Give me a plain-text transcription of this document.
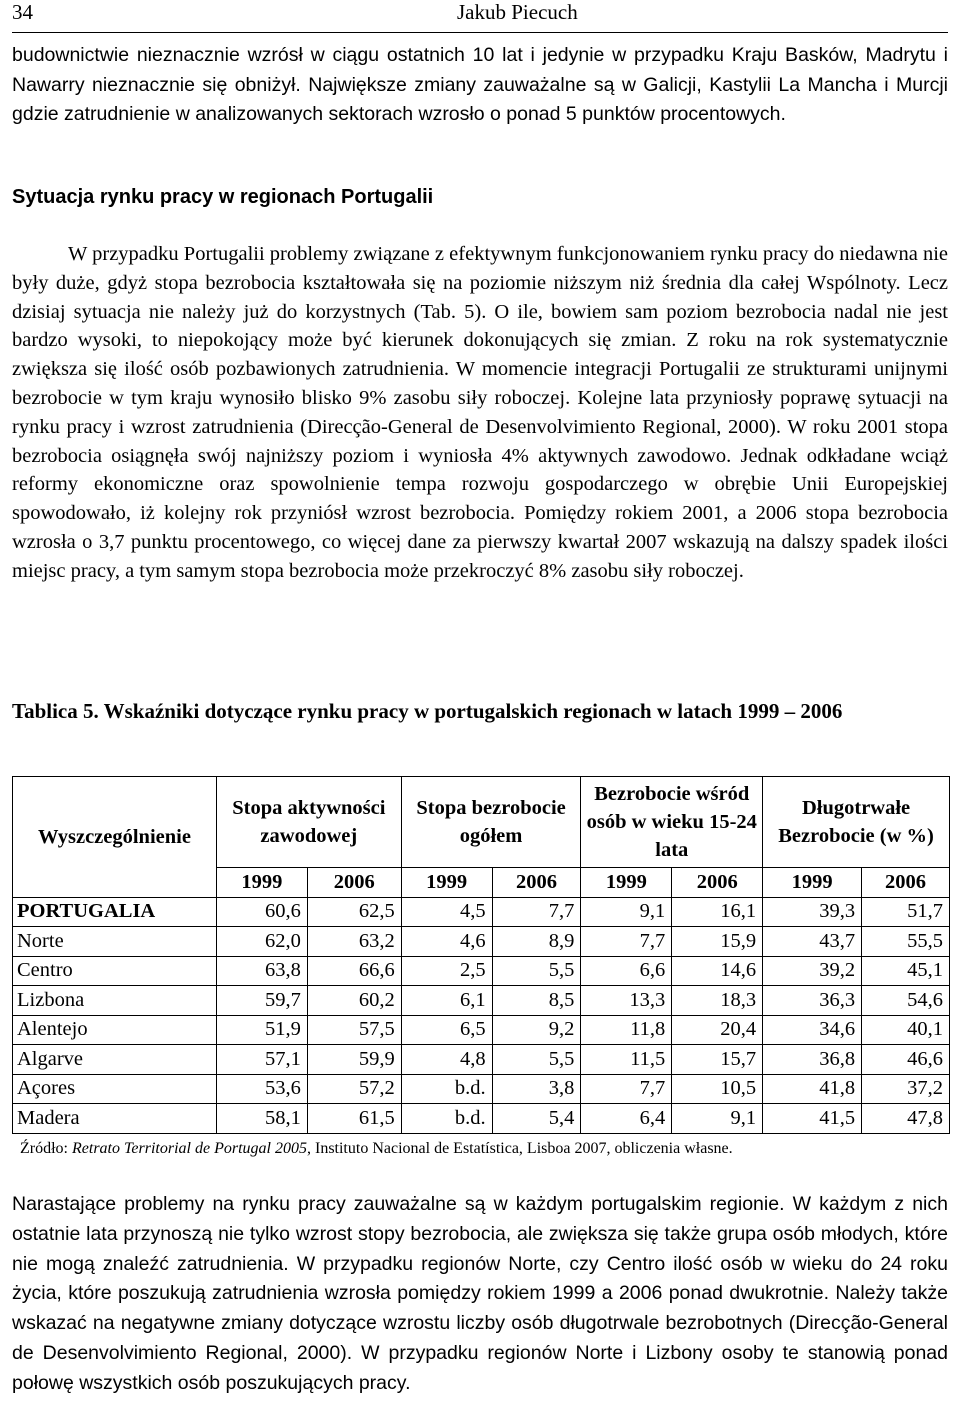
34	Jakub Piecuch

budownictwie nieznacznie wzrósł w ciągu ostatnich 10 lat i jedynie w przypadku Kraju Basków, Madrytu i Nawarry nieznacznie się obniżył. Największe zmiany zauważalne są w Galicji, Kastylii La Mancha i Murcji gdzie zatrudnienie w analizowanych sektorach wzrosło o ponad 5 punktów procentowych.

Sytuacja rynku pracy w regionach Portugalii

W przypadku Portugalii problemy związane z efektywnym funkcjonowaniem rynku pracy do niedawna nie były duże, gdyż stopa bezrobocia kształtowała się na poziomie niższym niż średnia dla całej Wspólnoty. Lecz dzisiaj sytuacja nie należy już do korzystnych (Tab. 5). O ile, bowiem sam poziom bezrobocia nadal nie jest bardzo wysoki, to niepokojący może być kierunek dokonujących się zmian. Z roku na rok systematycznie zwiększa się ilość osób pozbawionych zatrudnienia. W momencie integracji Portugalii ze strukturami unijnymi bezrobocie w tym kraju wynosiło blisko 9% zasobu siły roboczej. Kolejne lata przyniosły poprawę sytuacji na rynku pracy i wzrost zatrudnienia (Direcção-General de Desenvolvimiento Regional, 2000). W roku 2001 stopa bezrobocia osiągnęła swój najniższy poziom i wyniosła 4% aktywnych zawodowo. Jednak odkładane wciąż reformy ekonomiczne oraz spowolnienie tempa rozwoju gospodarczego w obrębie Unii Europejskiej spowodowało, iż kolejny rok przyniósł wzrost bezrobocia. Pomiędzy rokiem 2001, a 2006 stopa bezrobocia wzrosła o 3,7 punktu procentowego, co więcej dane za pierwszy kwartał 2007 wskazują na dalszy spadek ilości miejsc pracy, a tym samym stopa bezrobocia może przekroczyć 8% zasobu siły roboczej.

Tablica 5. Wskaźniki dotyczące rynku pracy w portugalskich regionach w latach 1999 – 2006
Wyszczególnienie	Stopa aktywności zawodowej		Stopa bezrobocie ogółem		Bezrobocie wśród osób w wieku 15-24 lata		Długotrwałe Bezrobocie (w %)	
	1999	2006	1999	2006	1999	2006	1999	2006
PORTUGALIA	60,6	62,5	4,5	7,7	9,1	16,1	39,3	51,7
Norte	62,0	63,2	4,6	8,9	7,7	15,9	43,7	55,5
Centro	63,8	66,6	2,5	5,5	6,6	14,6	39,2	45,1
Lizbona	59,7	60,2	6,1	8,5	13,3	18,3	36,3	54,6
Alentejo	51,9	57,5	6,5	9,2	11,8	20,4	34,6	40,1
Algarve	57,1	59,9	4,8	5,5	11,5	15,7	36,8	46,6
Açores	53,6	57,2	b.d.	3,8	7,7	10,5	41,8	37,2
Madera	58,1	61,5	b.d.	5,4	6,4	9,1	41,5	47,8

Źródło: Retrato Territorial de Portugal 2005, Instituto Nacional de Estatística, Lisboa 2007, obliczenia własne.

Narastające problemy na rynku pracy zauważalne są w każdym portugalskim regionie. W każdym z nich ostatnie lata przynoszą nie tylko wzrost stopy bezrobocia, ale zwiększa się także grupa osób młodych, które nie mogą znaleźć zatrudnienia. W przypadku regionów Norte, czy Centro ilość osób w wieku do 24 roku życia, które poszukują zatrudnienia wzrosła pomiędzy rokiem 1999 a 2006 ponad dwukrotnie. Należy także wskazać na negatywne zmiany dotyczące wzrostu liczby osób długotrwale bezrobotnych (Direcção-General de Desenvolvimiento Regional, 2000). W przypadku regionów Norte i Lizbony osoby te stanowią ponad połowę wszystkich osób poszukujących pracy.
